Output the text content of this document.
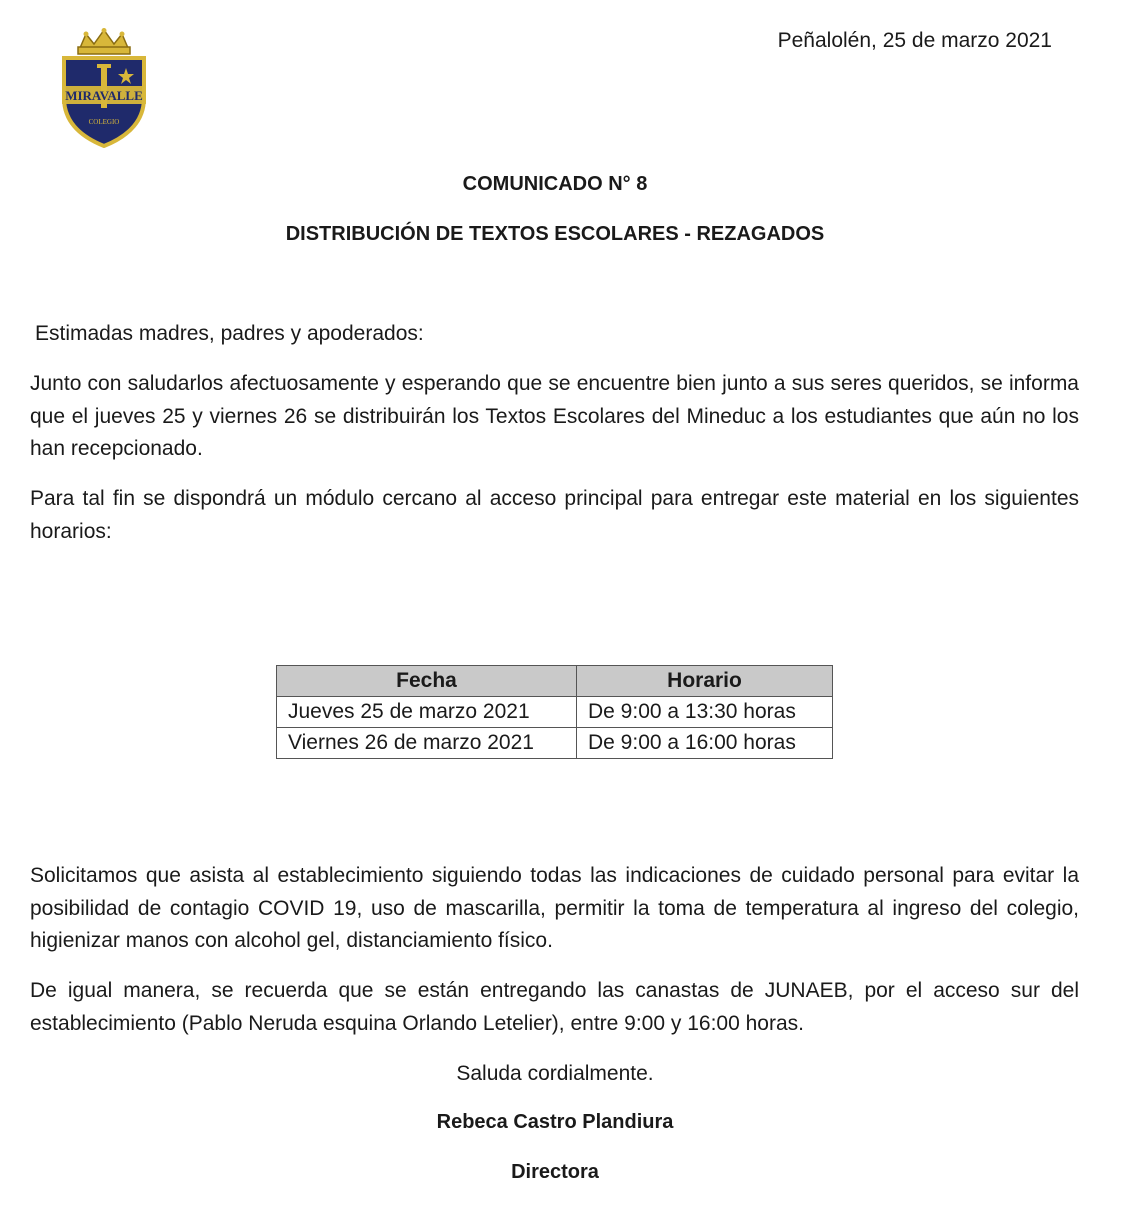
MIRAVALLE
COLEGIO
Peñalolén, 25 de marzo 2021
COMUNICADO N° 8
DISTRIBUCIÓN DE TEXTOS ESCOLARES - REZAGADOS
Estimadas madres, padres y apoderados:
Junto con saludarlos afectuosamente y esperando que se encuentre bien junto a sus seres queridos, se informa que el jueves 25 y viernes 26 se distribuirán los Textos Escolares del Mineduc a los estudiantes que aún no los han recepcionado.
Para tal fin se dispondrá un módulo cercano al acceso principal para entregar este material en los siguientes horarios:
Fecha	Horario
Jueves 25 de marzo 2021	De 9:00 a 13:30 horas
Viernes 26 de marzo 2021	De 9:00 a 16:00 horas
Solicitamos que asista al establecimiento siguiendo todas las indicaciones de cuidado personal para evitar la posibilidad de contagio COVID 19, uso de mascarilla, permitir la toma de temperatura al ingreso del colegio, higienizar manos con alcohol gel, distanciamiento físico.
De igual manera, se recuerda que se están entregando las canastas de JUNAEB, por el acceso sur del establecimiento (Pablo Neruda esquina Orlando Letelier), entre 9:00 y 16:00 horas.
Saluda cordialmente.
Rebeca Castro Plandiura
Directora
